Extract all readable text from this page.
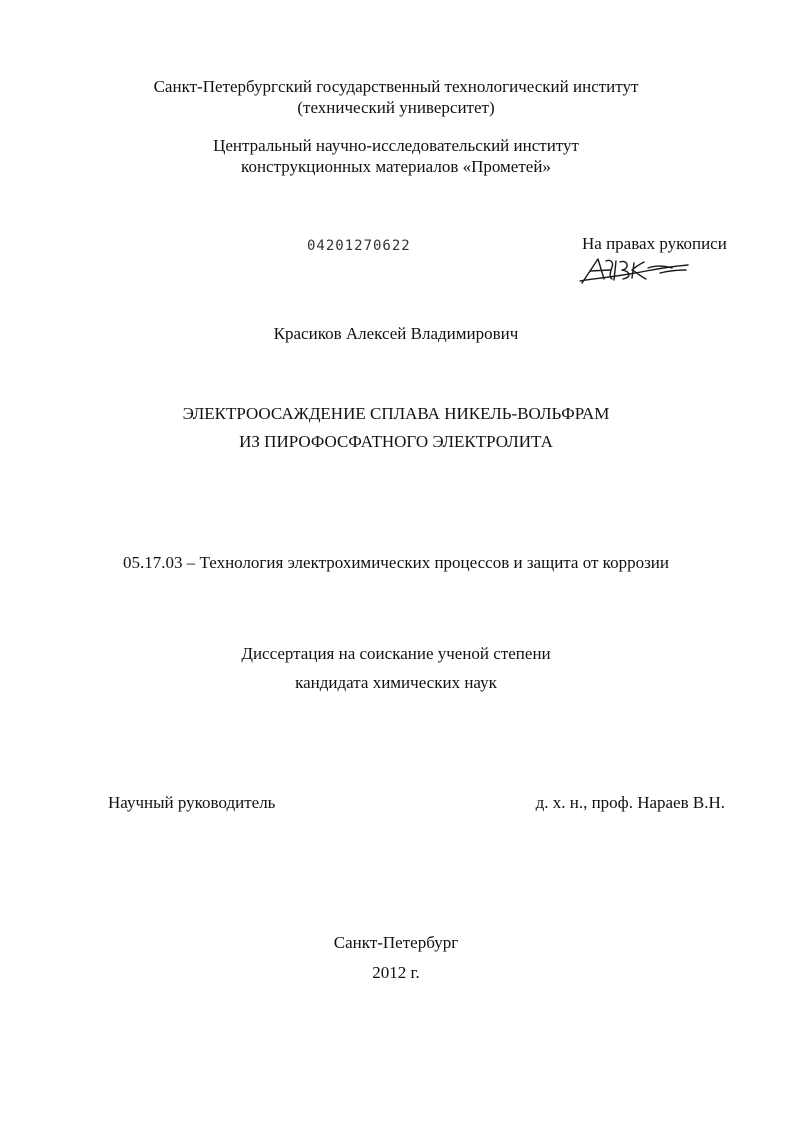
Санкт-Петербургский государственный технологический институт
(технический университет)
Центральный научно-исследовательский институт
конструкционных материалов «Прометей»
04201270622	На правах рукописи
Красиков Алексей Владимирович
ЭЛЕКТРООСАЖДЕНИЕ СПЛАВА НИКЕЛЬ-ВОЛЬФРАМ
ИЗ ПИРОФОСФАТНОГО ЭЛЕКТРОЛИТА
05.17.03 – Технология электрохимических процессов и защита от коррозии
Диссертация на соискание ученой степени
кандидата химических наук
Научный руководитель	д. х. н., проф. Нараев В.Н.
Санкт-Петербург
2012 г.
